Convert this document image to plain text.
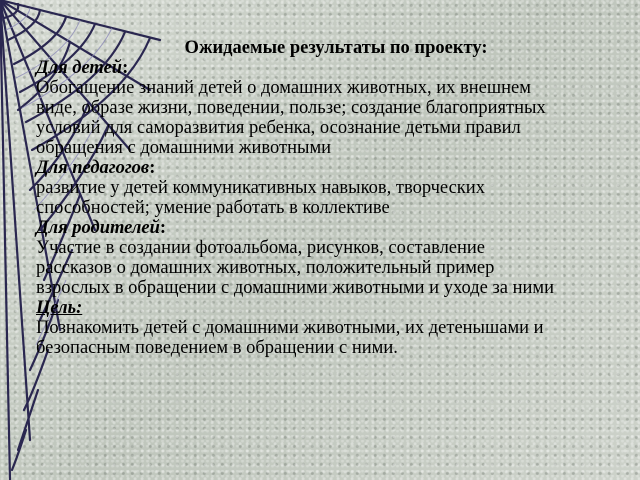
Ожидаемые результаты по проекту:
Для детей:
Обогащение знаний детей о домашних животных, их внешнем виде, образе жизни, поведении, пользе; создание благоприятных условий для саморазвития ребенка, осознание детьми правил обращения с домашними животными
Для педагогов:
развитие у детей коммуникативных навыков, творческих способностей; умение работать в коллективе
Для родителей:
Участие в создании фотоальбома, рисунков, составление рассказов о домашних животных, положительный пример взрослых в обращении с домашними животными и уходе за ними
Цель:
Познакомить детей с домашними животными, их детенышами и безопасным поведением в обращении с ними.
